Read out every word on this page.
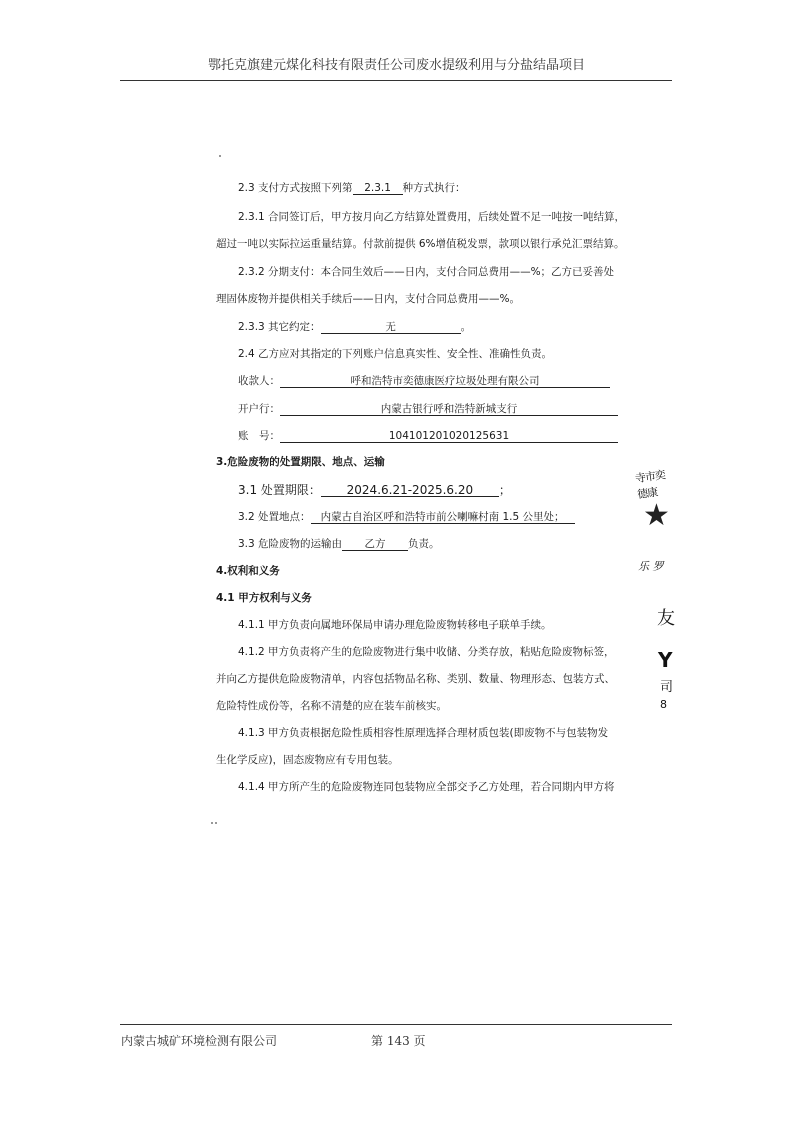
鄂托克旗建元煤化科技有限责任公司废水提级利用与分盐结晶项目
2.3 支付方式按照下列第 2.3.1 种方式执行：
2.3.1 合同签订后，甲方按月向乙方结算处置费用，后续处置不足一吨按一吨结算，
超过一吨以实际拉运重量结算。付款前提供 6%增值税发票，款项以银行承兑汇票结算。
2.3.2 分期支付：本合同生效后——日内，支付合同总费用——%；乙方已妥善处
理固体废物并提供相关手续后——日内，支付合同总费用——%。
2.3.3 其它约定：	无	。
2.4 乙方应对其指定的下列账户信息真实性、安全性、准确性负责。
收款人：	呼和浩特市奕德康医疗垃圾处理有限公司
开户行：	内蒙古银行呼和浩特新城支行
账　号：	104101201020125631
3.危险废物的处置期限、地点、运输
3.1 处置期限： 2024.6.21-2025.6.20 ；
3.2 处置地点： 内蒙古自治区呼和浩特市前公喇嘛村南 1.5 公里处；
3.3 危险废物的运输由 乙方 负责。
4.权利和义务
4.1 甲方权利与义务
4.1.1 甲方负责向属地环保局申请办理危险废物转移电子联单手续。
4.1.2 甲方负责将产生的危险废物进行集中收储、分类存放，粘贴危险废物标签，
并向乙方提供危险废物清单，内容包括物品名称、类别、数量、物理形态、包装方式、
危险特性成份等，名称不清楚的应在装车前核实。
4.1.3 甲方负责根据危险性质相容性原理选择合理材质包装(即废物不与包装物发
生化学反应)，固态废物应有专用包装。
4.1.4 甲方所产生的危险废物连同包装物应全部交予乙方处理，若合同期内甲方将
寺市奕德康
★
乐 罗
友
Y
司
8
内蒙古城矿环境检测有限公司	第 143 页
